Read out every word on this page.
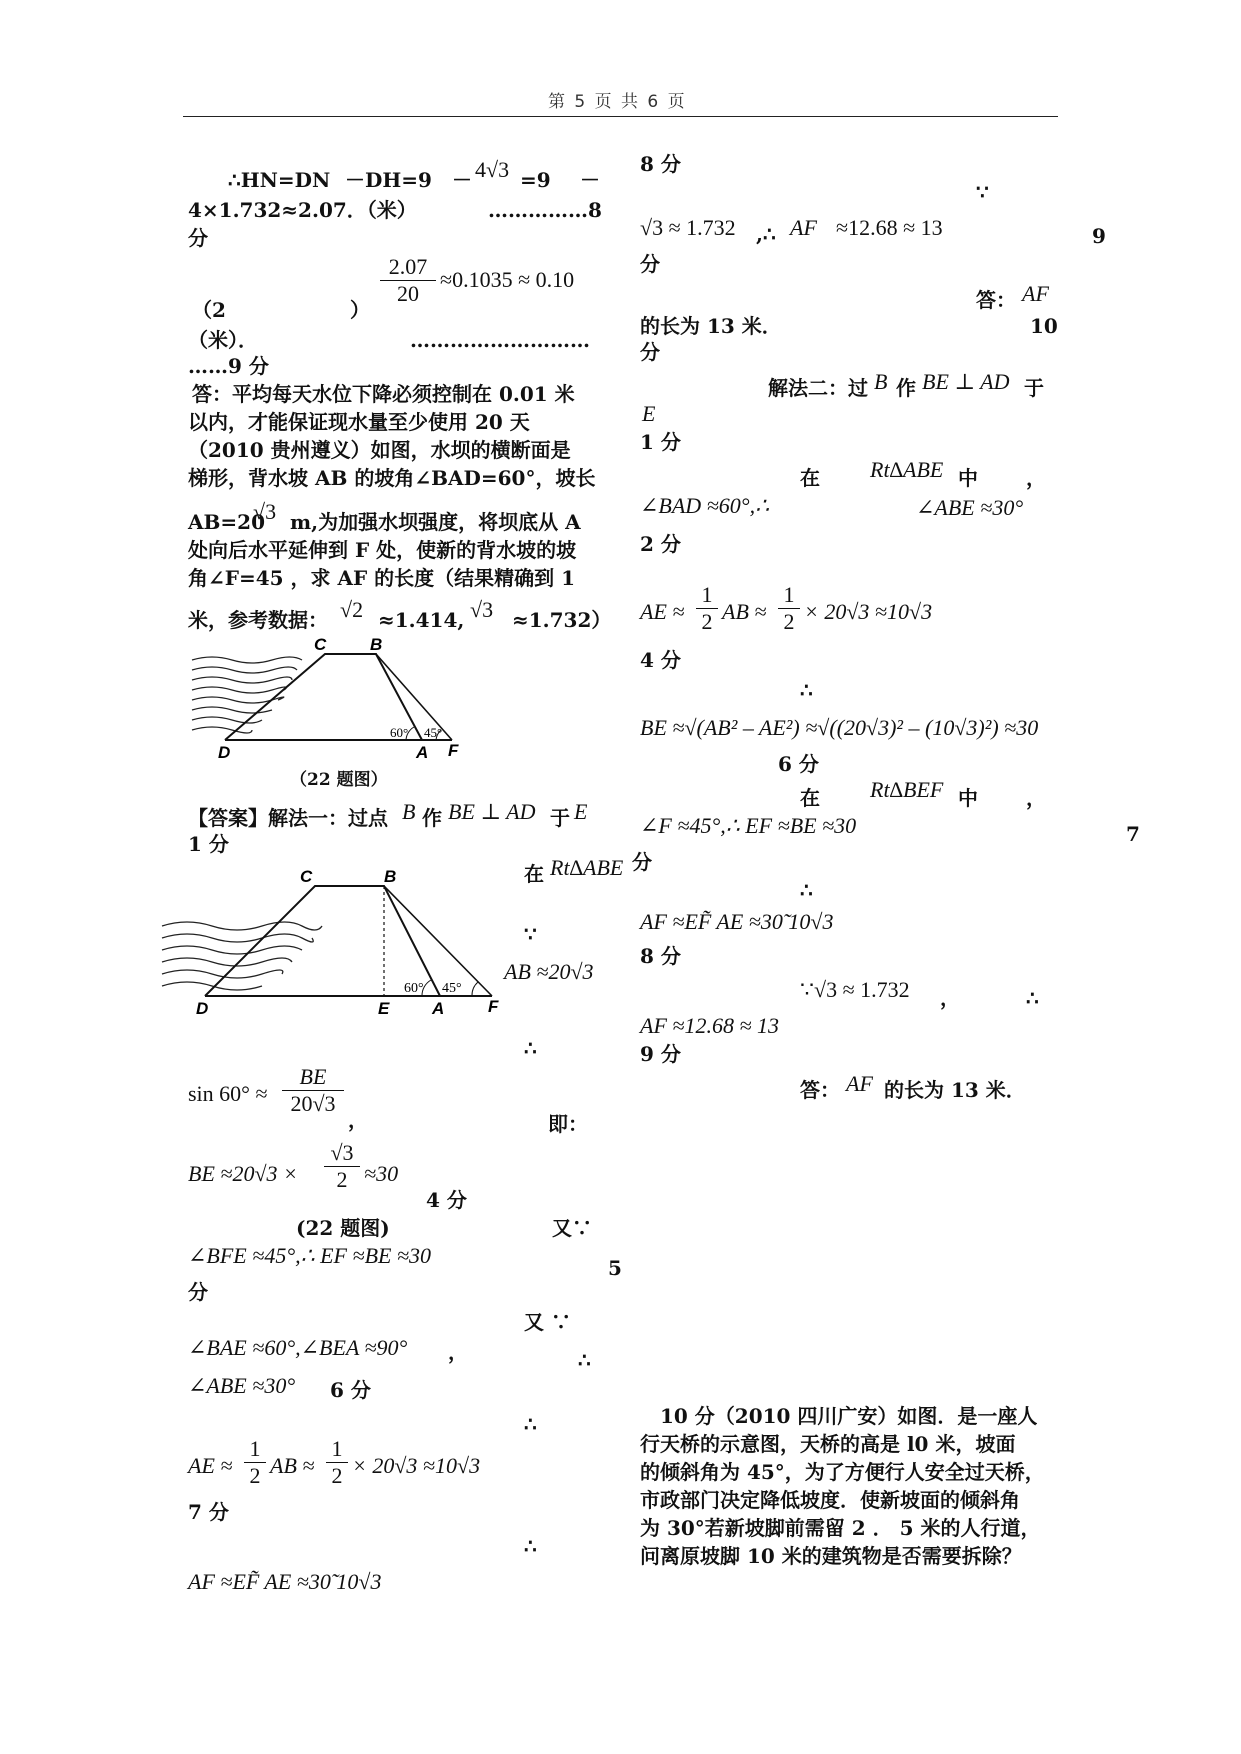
第 5 页 共 6 页
∴HN=DN －DH=9 － 4√3 =9 －
4×1.732≈2.07．（米）	……………8
分
$\frac{2.07}{20} \approx 0.1035 \approx 0.10$
（2	）
（米）．	………………………
……9 分
答：平均每天水位下降必须控制在 0.01 米
以内，才能保证现水量至少使用 20 天
（2010 贵州遵义）如图，水坝的横断面是
梯形，背水坡 AB 的坡角∠BAD=60°，坡长
AB=20
√3 m,为加强水坝强度，将坝底从 A
处向后水平延伸到 F 处，使新的背水坡的坡
角∠F=45 ，求 AF 的长度（结果精确到 1
米，参考数据： √2 ≈1.414, √3 ≈1.732）
C	B
D	A F
60° 45°
（22 题图）
【答案】解法一：过点 B 作 BE ⊥ AD 于 E
1 分
C	B
D	E	A	F
60° 45°
在 Rt∆ABE
∵
AB ≈20√3
∴
$\sin 60^\circ \approx \frac{BE}{20√3}$
，	即：
BE $\approx 20√3 \times \frac{√3}{2} \approx 30$
4 分
(22 题图)	又∵
∠BFE ≈45°,∴ EF ≈BE ≈30	5
分
又 ∵
∠BAE ≈60°,∠BEA ≈90° ，	∴
∠ABE ≈30° 6 分
∴
AE ≈ $\frac{1}{2}$ AB ≈ $\frac{1}{2} \times 20√3 \approx 10√3$
7 分
∴
AF ≈EF̃ AE ≈30̃ 10√3
8 分
∵
√3 ≈ 1.732 ,∴ AF ≈12.68 ≈ 13	9
分
答： AF
的长为 13 米．	10
分
解法二：过 B 作 BE ⊥ AD 于
E
1 分
在 Rt∆ABE 中 ，
∠BAD ≈60°,∴	∠ABE ≈30°
2 分
AE ≈ $\frac{1}{2}$ AB ≈ $\frac{1}{2} \times 20√3 \approx 10√3$
4 分
∴
BE ≈√(AB² – AE²) ≈√((20√3)² – (10√3)²) ≈30
6 分
在 Rt∆BEF 中 ，
∠F ≈45°,∴ EF ≈BE ≈30	7
分
∴
AF ≈EF̃ AE ≈30̃ 10√3
8 分
∵√3 ≈ 1.732 ，	∴
AF ≈12.68 ≈ 13
9 分
答： AF 的长为 13 米．
10 分（2010 四川广安）如图．是一座人
行天桥的示意图，天桥的高是 l0 米，坡面
的倾斜角为 45°，为了方便行人安全过天桥，
市政部门决定降低坡度．使新坡面的倾斜角
为 30°若新坡脚前需留 2 ． 5 米的人行道，
问离原坡脚 10 米的建筑物是否需要拆除？
